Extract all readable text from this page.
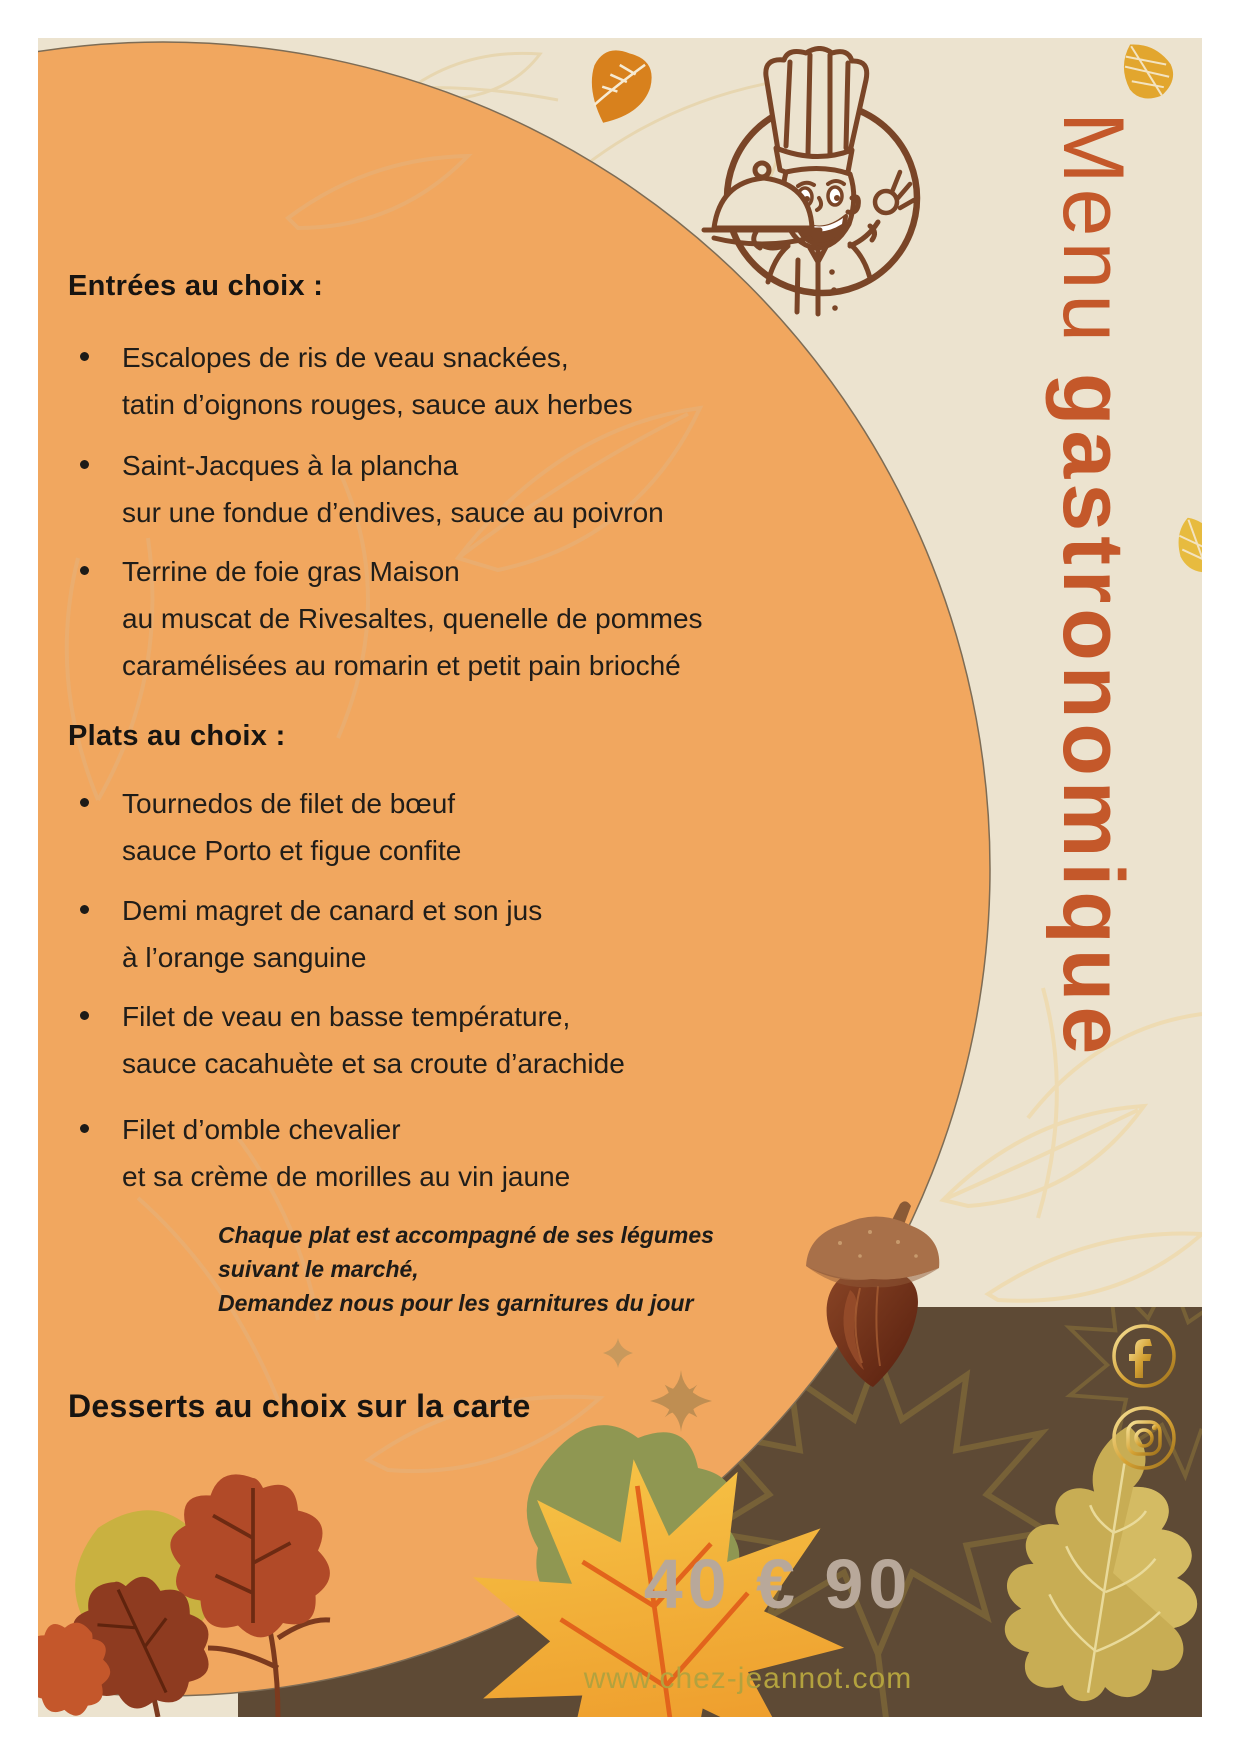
Menugastronomique
Entrées au choix :
Escalopes de ris de veau snackées,
tatin d’oignons rouges, sauce aux herbes
Saint-Jacques à la plancha
sur une fondue d’endives, sauce au poivron
Terrine de foie gras Maison
au muscat de Rivesaltes, quenelle de pommes
caramélisées au romarin et petit pain brioché
Plats au choix :
Tournedos de filet de bœuf
sauce Porto et figue confite
Demi magret de canard et son jus
à l’orange sanguine
Filet de veau en basse température,
sauce cacahuète et sa croute d’arachide
Filet d’omble chevalier
et sa crème de morilles au vin jaune
Chaque plat est accompagné de ses légumes
suivant le marché,
Demandez nous pour les garnitures du jour
Desserts au choix sur la carte
40 € 90
www.chez-jeannot.com
